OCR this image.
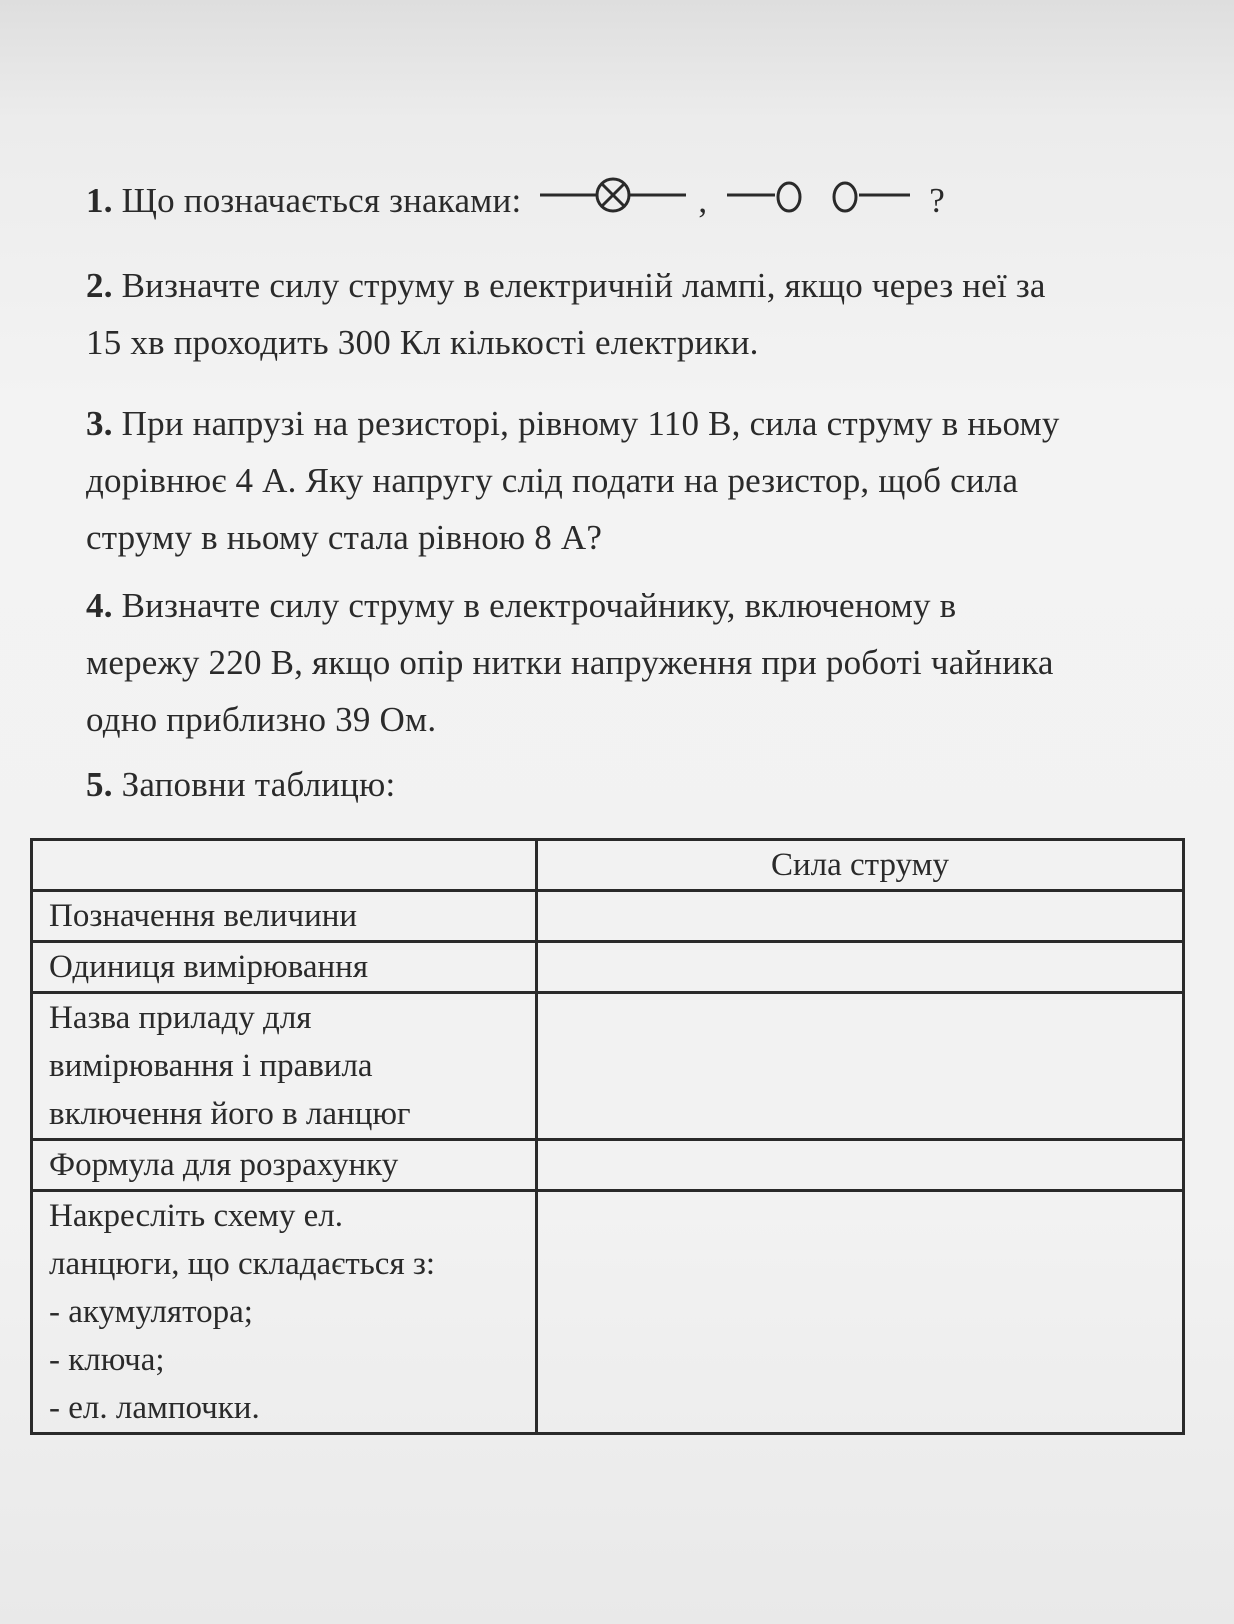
1. Що позначається знаками:	,	?
2. Визначте силу струму в електричній лампі, якщо через неї за
15 хв проходить 300 Кл кількості електрики.
3. При напрузі на резисторі, рівному 110 В, сила струму в ньому
дорівнює 4 А. Яку напругу слід подати на резистор, щоб сила
струму в ньому стала рівною 8 А?
4. Визначте силу струму в електрочайнику, включеному в
мережу 220 В, якщо опір нитки напруження при роботі чайника
одно приблизно 39 Ом.
5. Заповни таблицю:
	Сила струму

Позначення величини	

Одиниця вимірювання	

Назва приладу для
вимірювання і правила
включення його в ланцюг	

Формула для розрахунку	

Накресліть схему ел.
ланцюги, що складається з:
- акумулятора;
- ключа;
- ел. лампочки.	
